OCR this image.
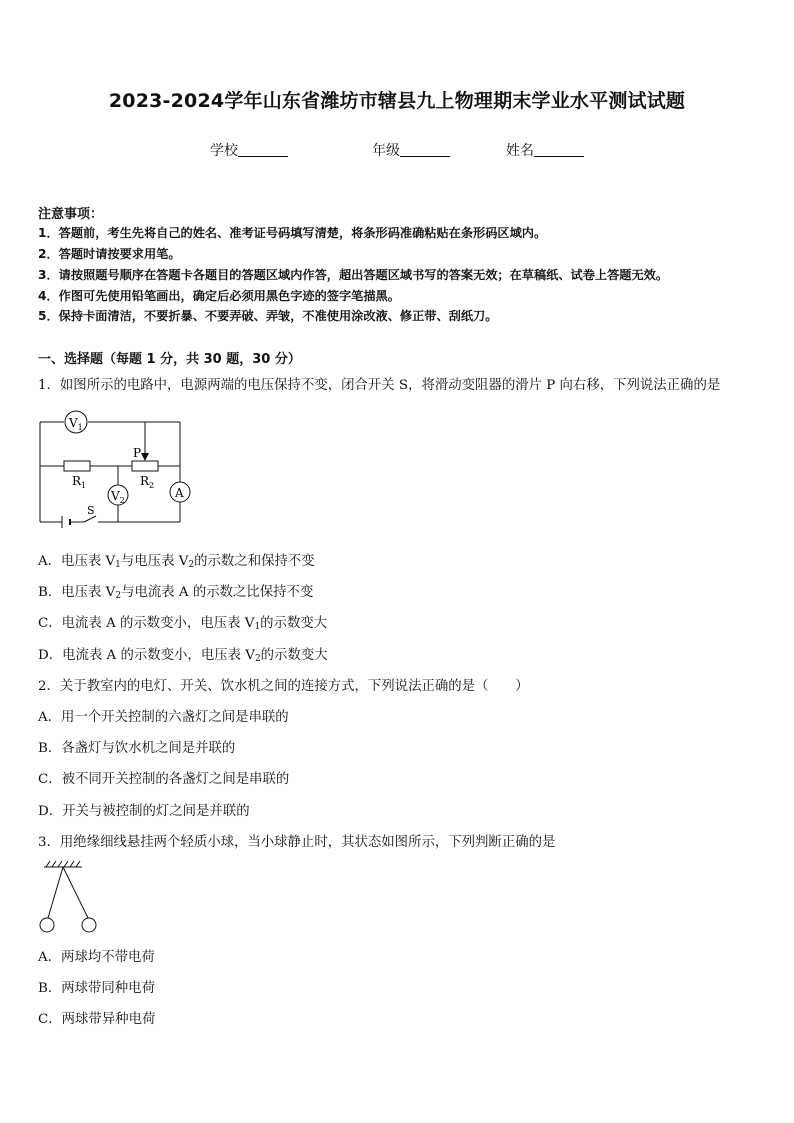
2023-2024学年山东省潍坊市辖县九上物理期末学业水平测试试题
学校	年级	姓名
注意事项：
1．答题前，考生先将自己的姓名、准考证号码填写清楚，将条形码准确粘贴在条形码区域内。
2．答题时请按要求用笔。
3．请按照题号顺序在答题卡各题目的答题区域内作答，超出答题区域书写的答案无效；在草稿纸、试卷上答题无效。
4．作图可先使用铅笔画出，确定后必须用黑色字迹的签字笔描黑。
5．保持卡面清洁，不要折暴、不要弄破、弄皱，不准使用涂改液、修正带、刮纸刀。
一、选择题（每题 1 分，共 30 题，30 分）
1．如图所示的电路中，电源两端的电压保持不变，闭合开关 S，将滑动变阻器的滑片 P 向右移，下列说法正确的是
$V_1$
$V_2$
A
$R_1$	$R_2$
P
S
A．电压表 $V_1$与电压表 $V_2$的示数之和保持不变
B．电压表 $V_2$与电流表 A 的示数之比保持不变
C．电流表 A 的示数变小，电压表 $V_1$的示数变大
D．电流表 A 的示数变小，电压表 $V_2$的示数变大
2．关于教室内的电灯、开关、饮水机之间的连接方式，下列说法正确的是（　　）
A．用一个开关控制的六盏灯之间是串联的
B．各盏灯与饮水机之间是并联的
C．被不同开关控制的各盏灯之间是串联的
D．开关与被控制的灯之间是并联的
3．用绝缘细线悬挂两个轻质小球，当小球静止时，其状态如图所示，下列判断正确的是
A．两球均不带电荷
B．两球带同种电荷
C．两球带异种电荷
